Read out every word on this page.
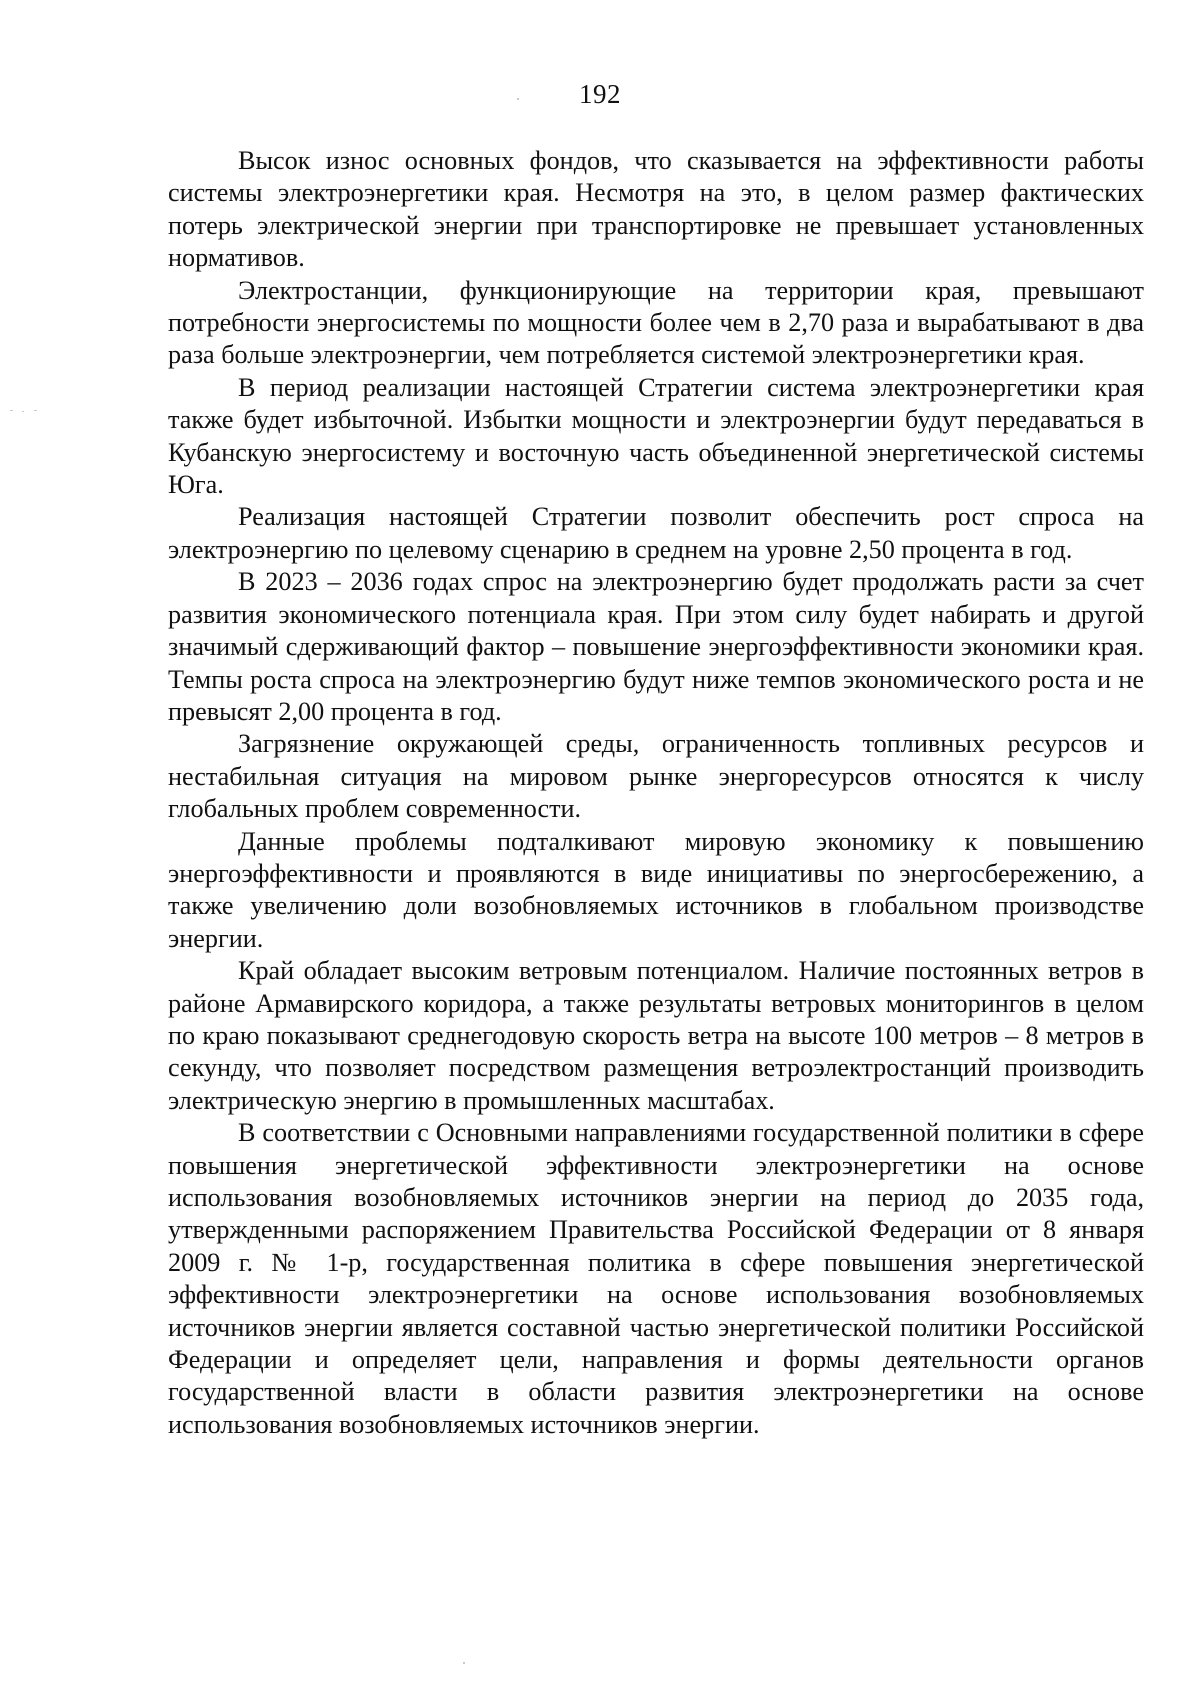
192

Высок износ основных фондов, что сказывается на эффективности работы системы электроэнергетики края. Несмотря на это, в целом размер фактических потерь электрической энергии при транспортировке не превышает установленных нормативов.

Электростанции, функционирующие на территории края, превышают потребности энергосистемы по мощности более чем в 2,70 раза и вырабатывают в два раза больше электроэнергии, чем потребляется системой электроэнергетики края.

В период реализации настоящей Стратегии система электроэнергетики края также будет избыточной. Избытки мощности и электроэнергии будут передаваться в Кубанскую энергосистему и восточную часть объединенной энергетической системы Юга.

Реализация настоящей Стратегии позволит обеспечить рост спроса на электроэнергию по целевому сценарию в среднем на уровне 2,50 процента в год.

В 2023 – 2036 годах спрос на электроэнергию будет продолжать расти за счет развития экономического потенциала края. При этом силу будет набирать и другой значимый сдерживающий фактор – повышение энергоэффективности экономики края. Темпы роста спроса на электроэнергию будут ниже темпов экономического роста и не превысят 2,00 процента в год.

Загрязнение окружающей среды, ограниченность топливных ресурсов и нестабильная ситуация на мировом рынке энергоресурсов относятся к числу глобальных проблем современности.

Данные проблемы подталкивают мировую экономику к повышению энергоэффективности и проявляются в виде инициативы по энергосбережению, а также увеличению доли возобновляемых источников в глобальном производстве энергии.

Край обладает высоким ветровым потенциалом. Наличие постоянных ветров в районе Армавирского коридора, а также результаты ветровых мониторингов в целом по краю показывают среднегодовую скорость ветра на высоте 100 метров – 8 метров в секунду, что позволяет посредством размещения ветроэлектростанций производить электрическую энергию в промышленных масштабах.

В соответствии с Основными направлениями государственной политики в сфере повышения энергетической эффективности электроэнергетики на основе использования возобновляемых источников энергии на период до 2035 года, утвержденными распоряжением Правительства Российской Федерации от 8 января 2009 г. № 1-р, государственная политика в сфере повышения энергетической эффективности электроэнергетики на основе использования возобновляемых источников энергии является составной частью энергетической политики Российской Федерации и определяет цели, направления и формы деятельности органов государственной власти в области развития электроэнергетики на основе использования возобновляемых источников энергии.
